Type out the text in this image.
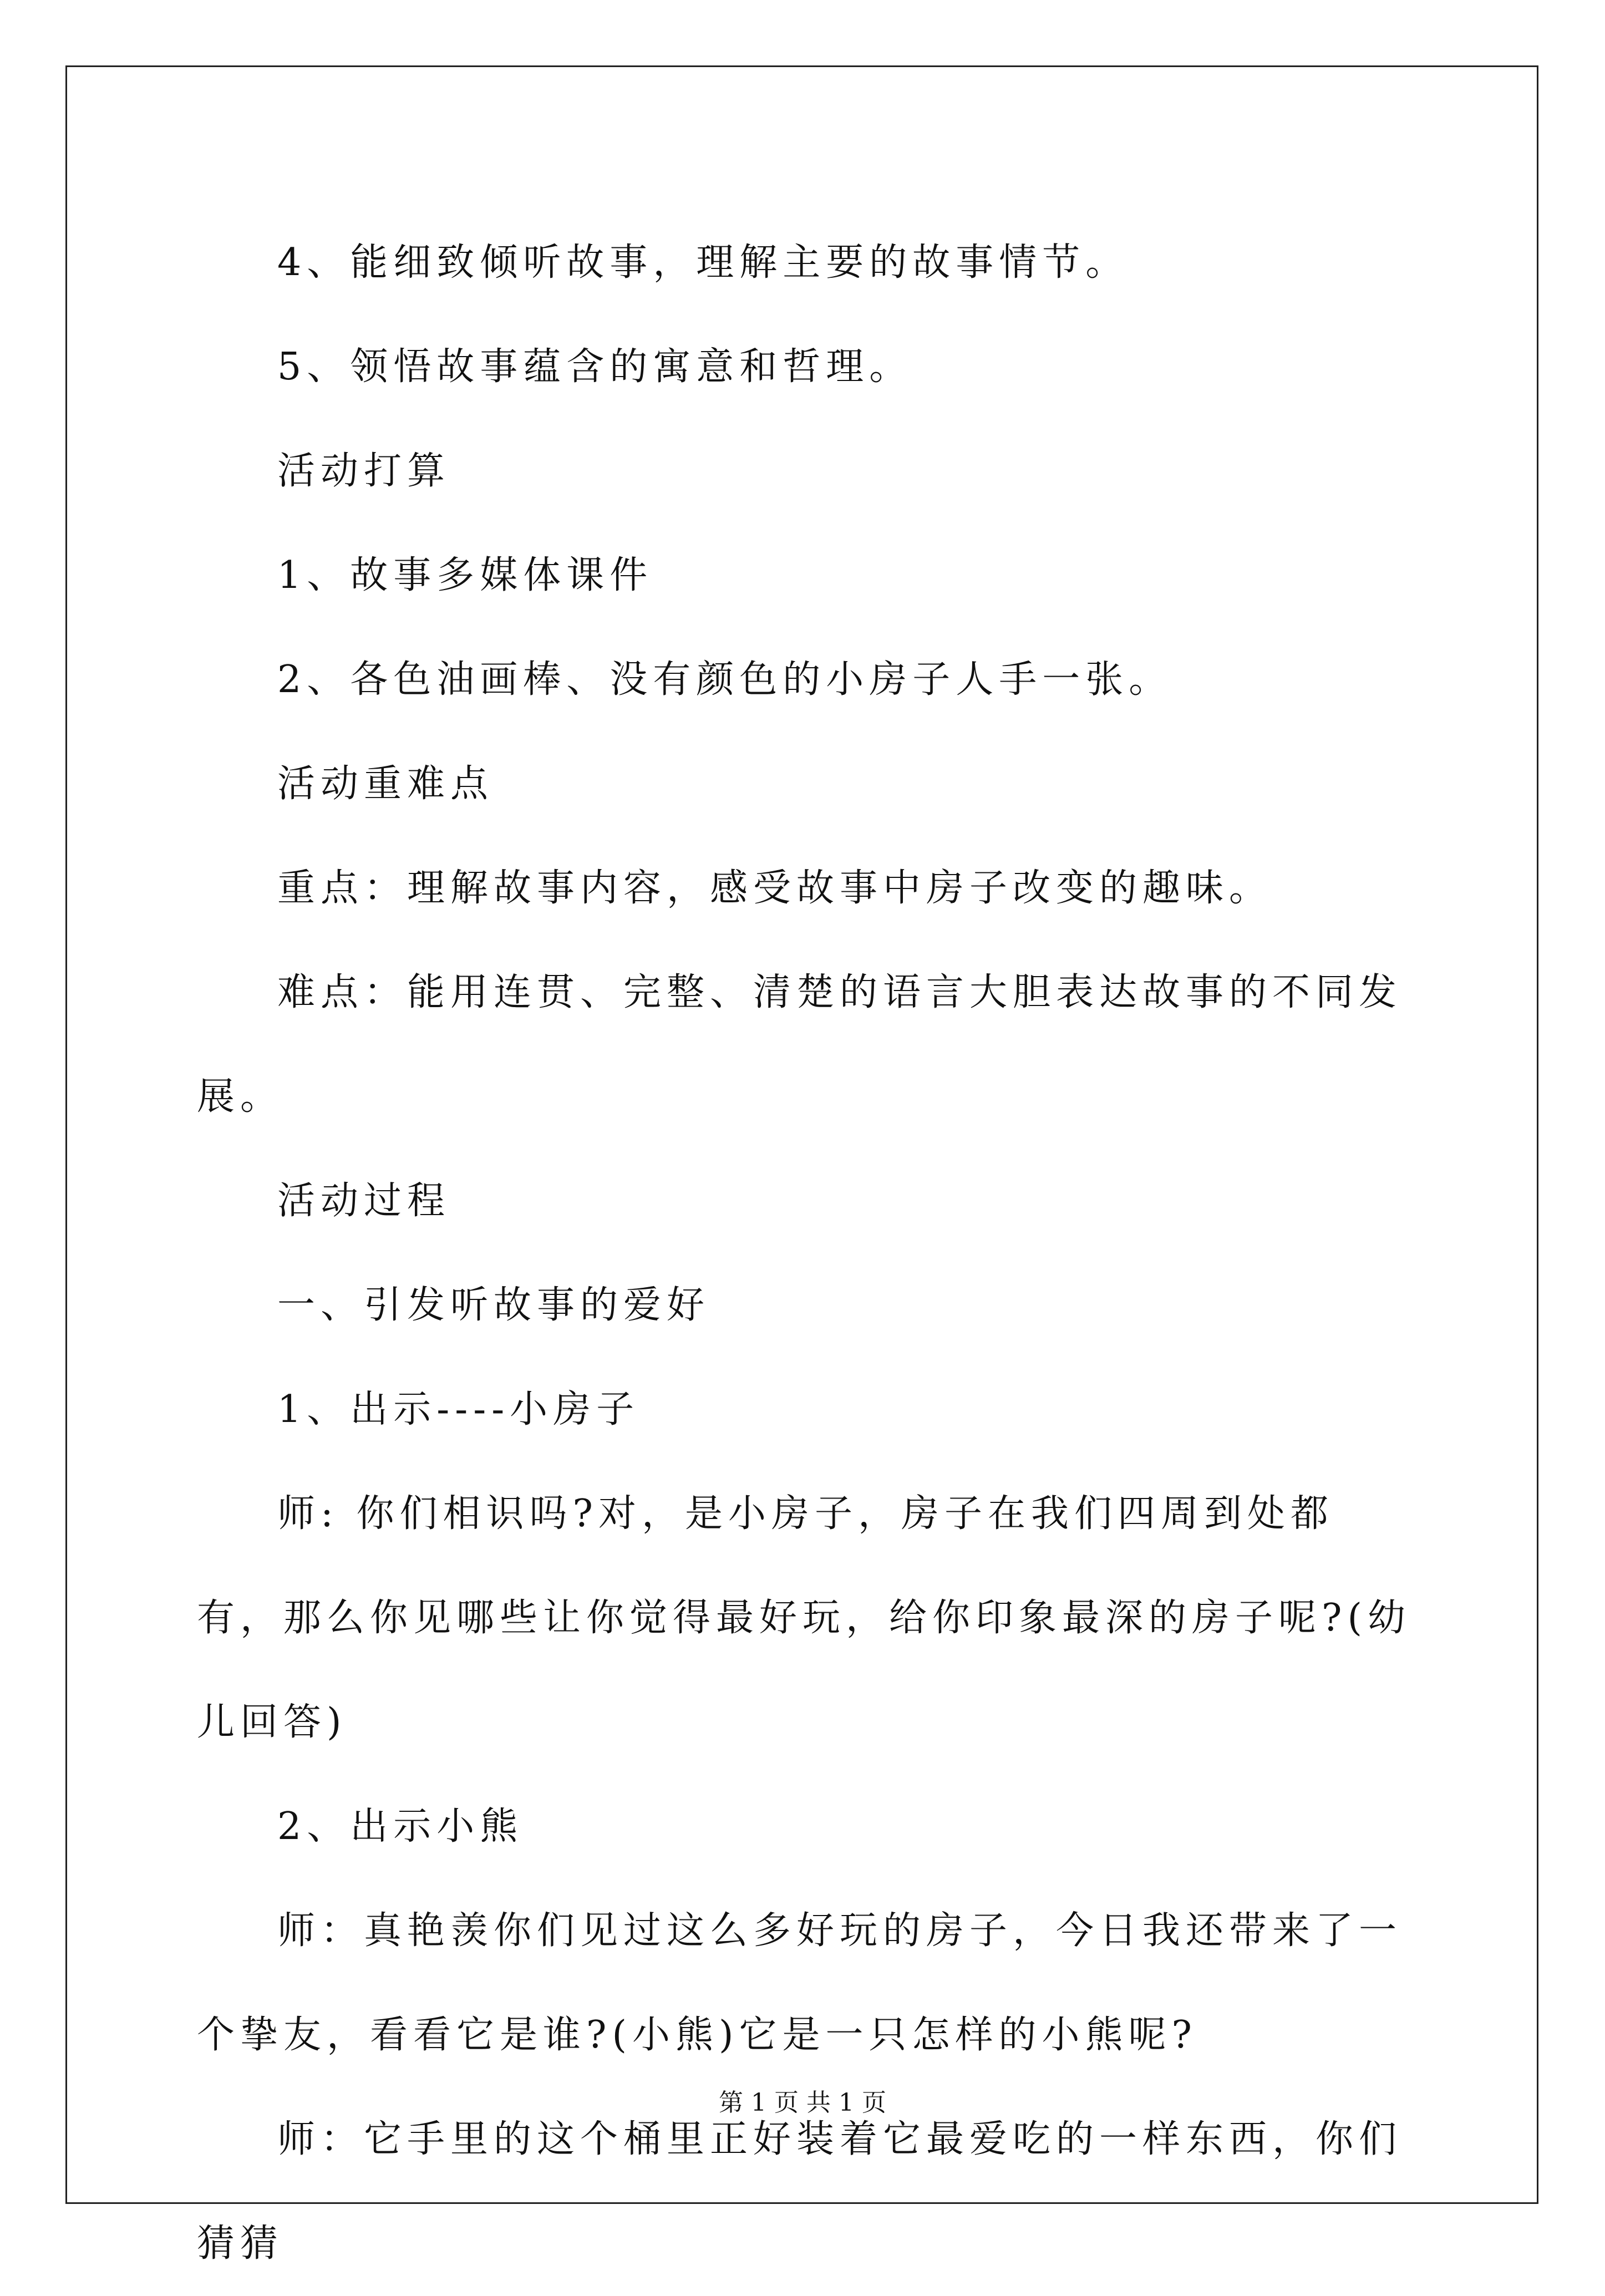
4、能细致倾听故事，理解主要的故事情节。

5、领悟故事蕴含的寓意和哲理。

活动打算

1、故事多媒体课件

2、各色油画棒、没有颜色的小房子人手一张。

活动重难点

重点：理解故事内容，感受故事中房子改变的趣味。

难点：能用连贯、完整、清楚的语言大胆表达故事的不同发展。

活动过程

一、引发听故事的爱好

1、出示----小房子

师: 你们相识吗?对，是小房子，房子在我们四周到处都有，那么你见哪些让你觉得最好玩，给你印象最深的房子呢?(幼儿回答)

2、出示小熊

师：真艳羡你们见过这么多好玩的房子，今日我还带来了一个挚友，看看它是谁?(小熊)它是一只怎样的小熊呢?

师：它手里的这个桶里正好装着它最爱吃的一样东西，你们猜猜

第 1 页 共 1 页
